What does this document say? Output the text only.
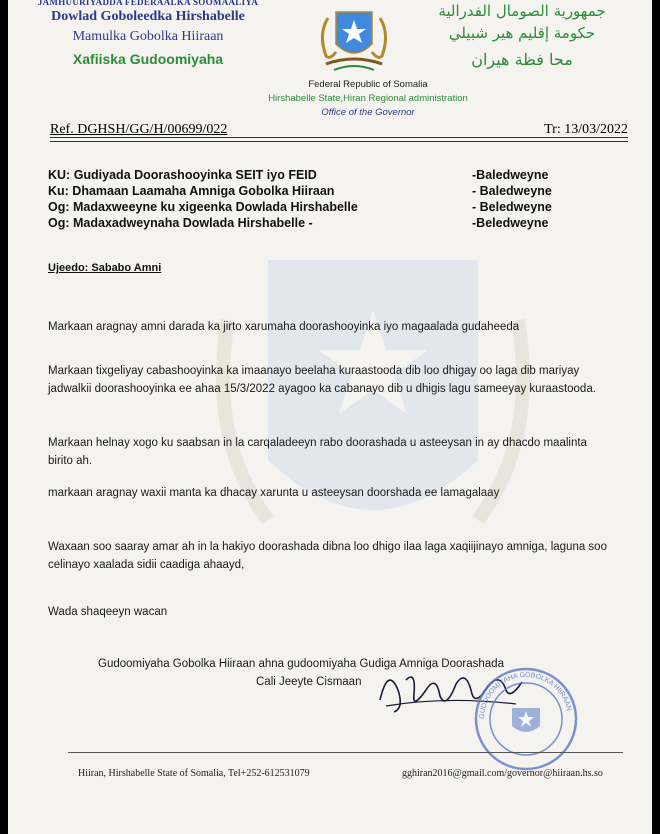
JAMHUURIYADDA FEDERAALKA SOOMAALIYA
Dowlad Goboleedka Hirshabelle
Mamulka Gobolka Hiiraan
Xafiiska Gudoomiyaha
جمهورية الصومال الفدرالية
حكومة إقليم هير شبيلي
محا فظة هيران
Federal Republic of Somalia
Hirshabelle State,Hiran Regional administration
Office of the Governor
Ref. DGHSH/GG/H/00699/022	Tr: 13/03/2022
KU: Gudiyada Doorashooyinka SEIT iyo FEID	-Baledweyne
Ku: Dhamaan Laamaha Amniga Gobolka Hiiraan	- Baledweyne
Og: Madaxweeyne ku xigeenka Dowlada Hirshabelle	- Beledweyne
Og: Madaxadweynaha Dowlada Hirshabelle -	-Beledweyne
Ujeedo: Sababo Amni

Markaan aragnay amni darada ka jirto xarumaha doorashooyinka iyo magaalada gudaheeda

Markaan tixgeliyay cabashooyinka ka imaanayo beelaha kuraastooda dib loo dhigay oo laga dib mariyay jadwalkii doorashooyinka ee ahaa 15/3/2022 ayagoo ka cabanayo dib u dhigis lagu sameeyay kuraastooda.

Markaan helnay xogo ku saabsan in la carqaladeeyn rabo doorashada u asteeysan in ay dhacdo maalinta birito ah.

markaan aragnay waxii manta ka dhacay xarunta u asteeysan doorshada ee lamagalaay

Waxaan soo saaray amar ah in la hakiyo doorashada dibna loo dhigo ilaa laga xaqiijinayo amniga, laguna soo celinayo xaalada sidii caadiga ahaayd,

Wada shaqeeyn wacan
Gudoomiyaha Gobolka Hiiraan ahna gudoomiyaha Gudiga Amniga Doorashada
Cali Jeeyte Cismaan
GUDDOOMIYAHA GOBOLKA HIIRAAN
Hiiran, Hirshabelle State of Somalia, Tel+252-612531079	gghiran2016@gmail.com/governor@hiiraan.hs.so
